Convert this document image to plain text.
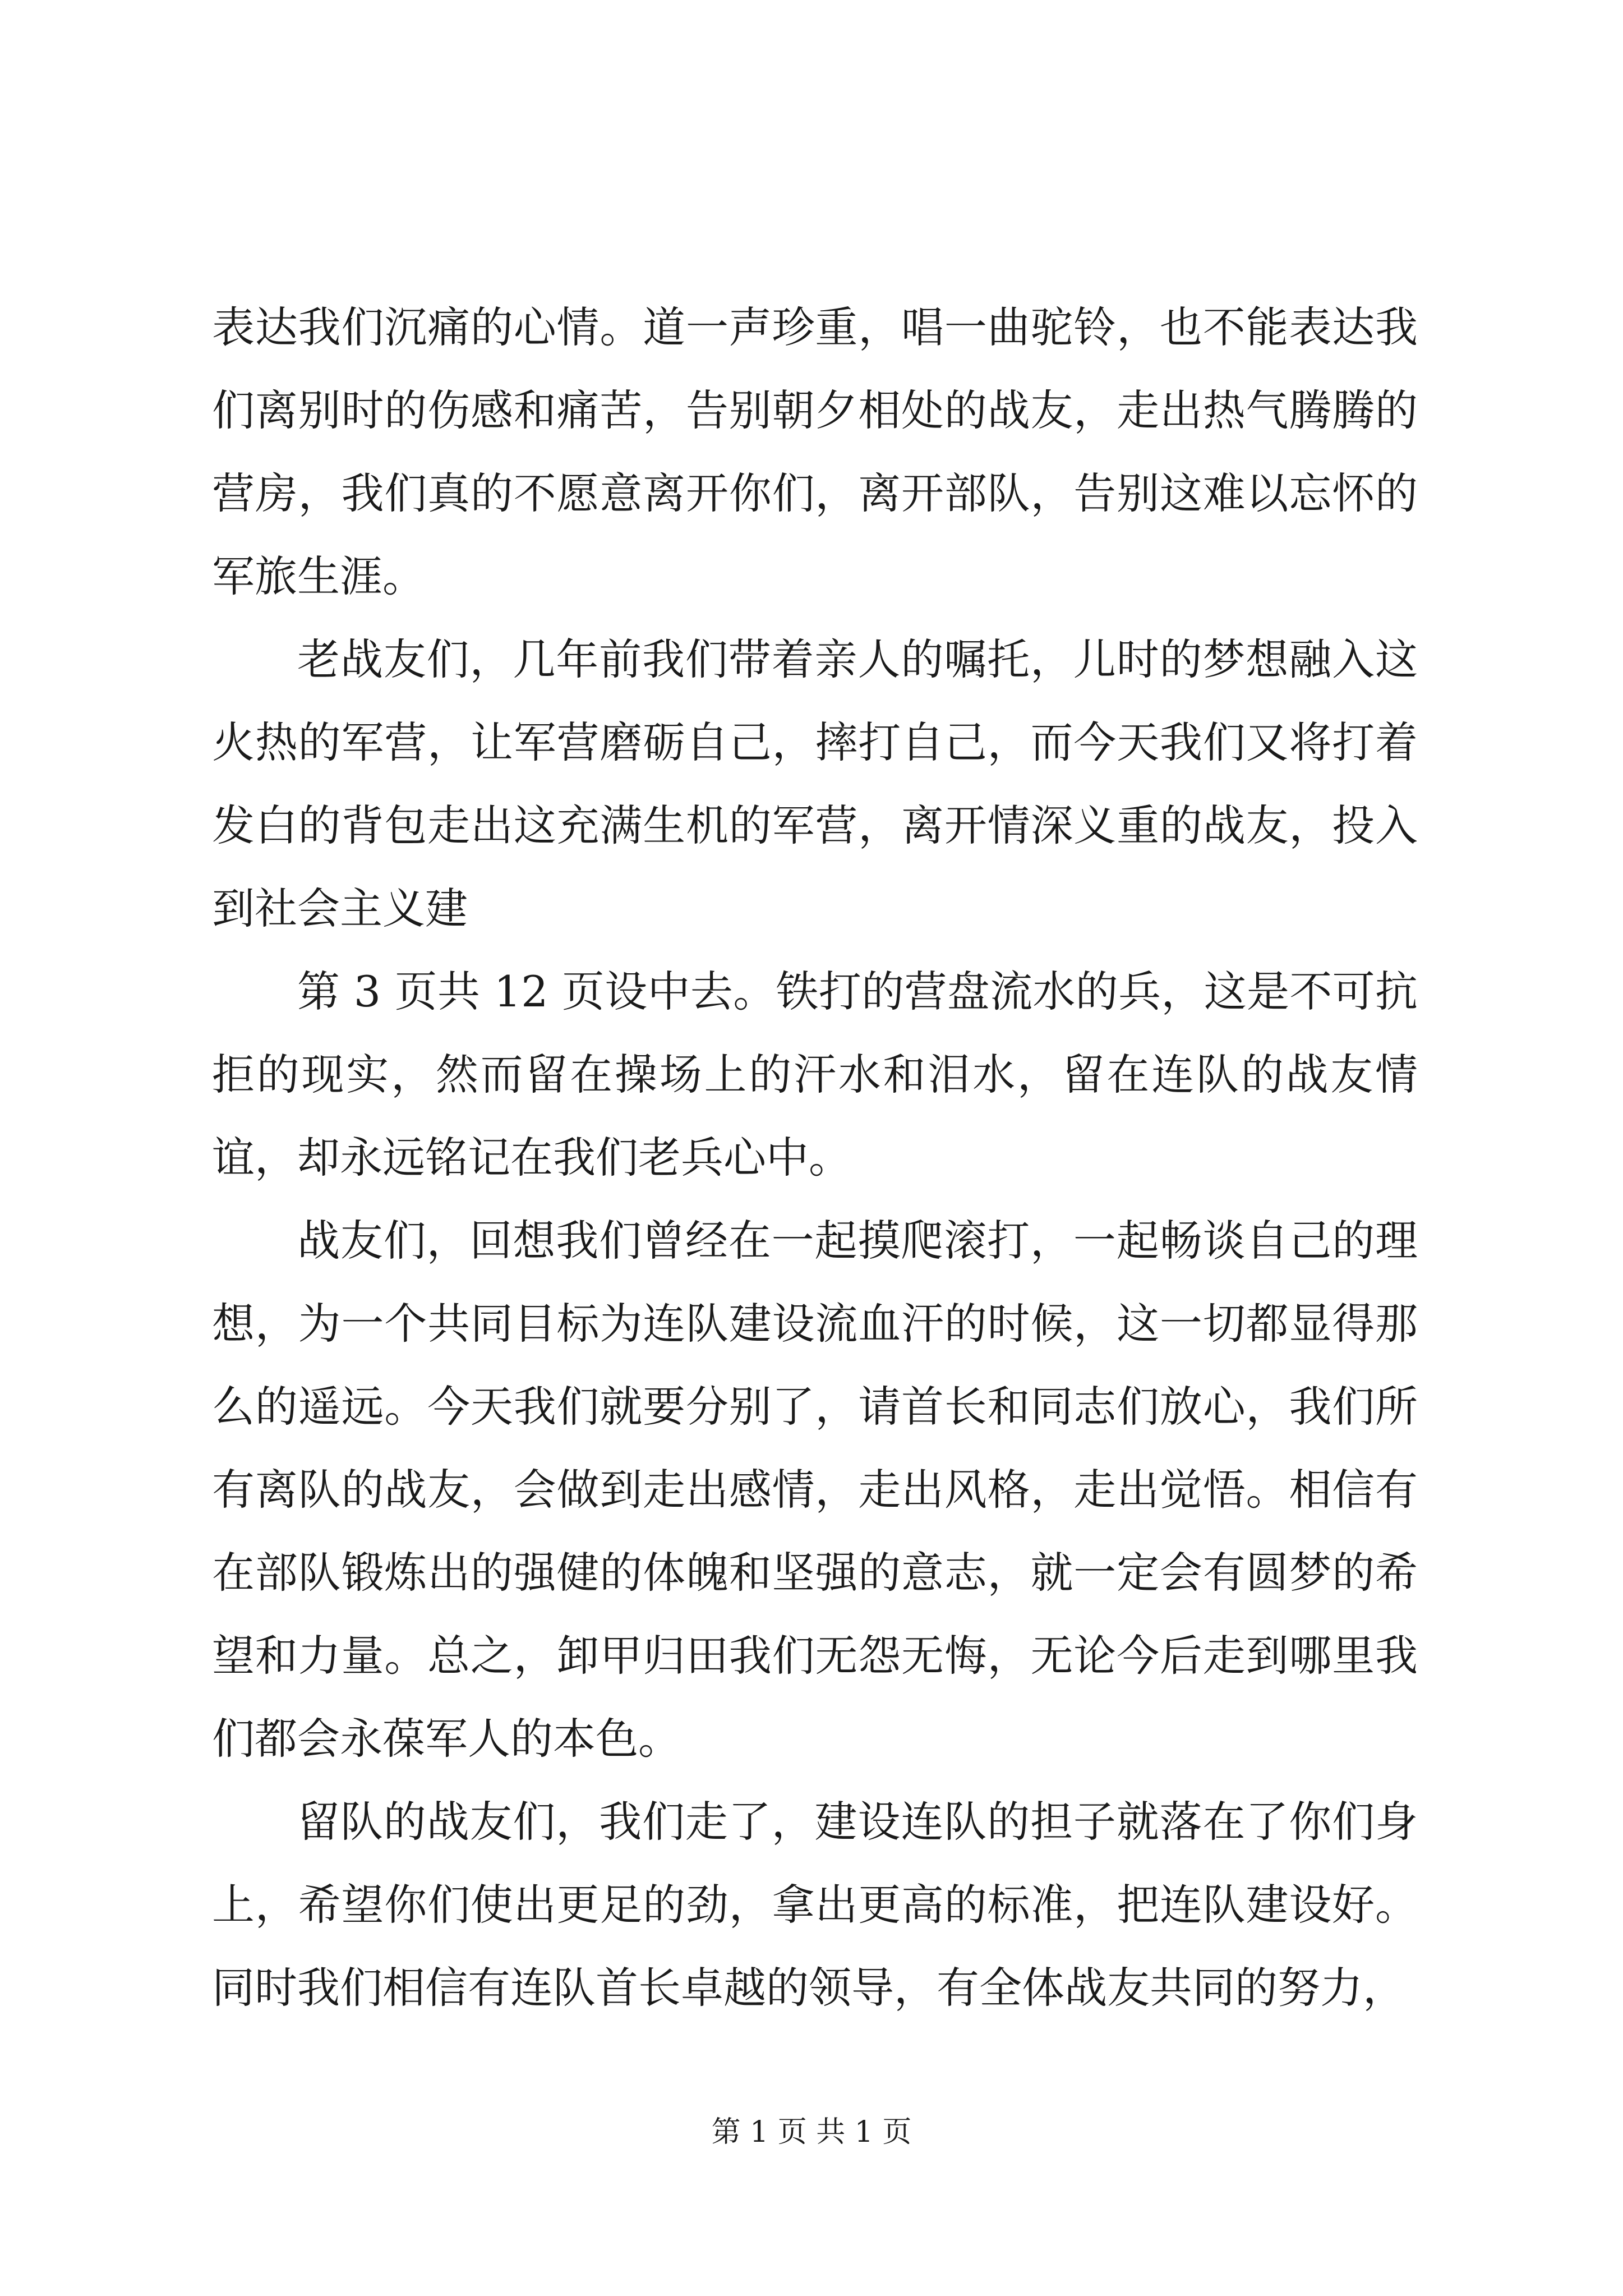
表达我们沉痛的心情。道一声珍重，唱一曲驼铃，也不能表达我们离别时的伤感和痛苦，告别朝夕相处的战友，走出热气腾腾的营房，我们真的不愿意离开你们，离开部队，告别这难以忘怀的军旅生涯。

老战友们，几年前我们带着亲人的嘱托，儿时的梦想融入这火热的军营，让军营磨砺自己，摔打自己，而今天我们又将打着发白的背包走出这充满生机的军营，离开情深义重的战友，投入到社会主义建

第 3 页共 12 页设中去。铁打的营盘流水的兵，这是不可抗拒的现实，然而留在操场上的汗水和泪水，留在连队的战友情谊，却永远铭记在我们老兵心中。

战友们，回想我们曾经在一起摸爬滚打，一起畅谈自己的理想，为一个共同目标为连队建设流血汗的时候，这一切都显得那么的遥远。今天我们就要分别了，请首长和同志们放心，我们所有离队的战友，会做到走出感情，走出风格，走出觉悟。相信有在部队锻炼出的强健的体魄和坚强的意志，就一定会有圆梦的希望和力量。总之，卸甲归田我们无怨无悔，无论今后走到哪里我们都会永葆军人的本色。

留队的战友们，我们走了，建设连队的担子就落在了你们身上，希望你们使出更足的劲，拿出更高的标准，把连队建设好。同时我们相信有连队首长卓越的领导，有全体战友共同的努力，

第 1 页 共 1 页
